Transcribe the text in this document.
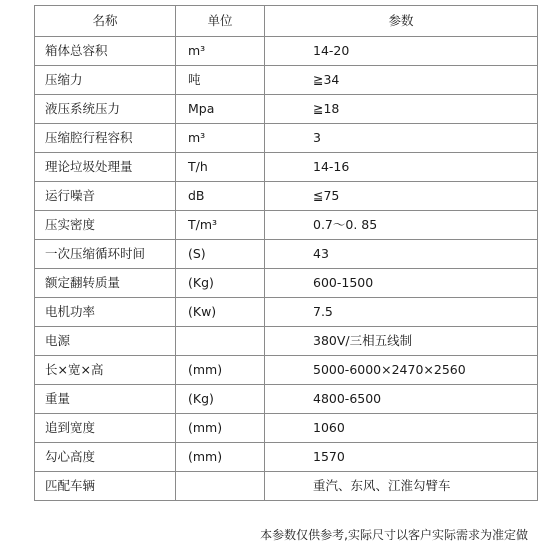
名称	单位	参数
箱体总容积	m³	14-20
压缩力	吨	≧34
液压系统压力	Mpa	≧18
压缩腔行程容积	m³	3
理论垃圾处理量	T/h	14-16
运行噪音	dB	≦75
压实密度	T/m³	0.7～0. 85
一次压缩循环时间	(S)	43
额定翻转质量	(Kg)	600-1500
电机功率	(Kw)	7.5
电源		380V/三相五线制
长×宽×高	(mm)	5000-6000×2470×2560
重量	(Kg)	4800-6500
追到宽度	(mm)	1060
勾心高度	(mm)	1570
匹配车辆		重汽、东风、江淮勾臂车
本参数仅供参考,实际尺寸以客户实际需求为准定做
